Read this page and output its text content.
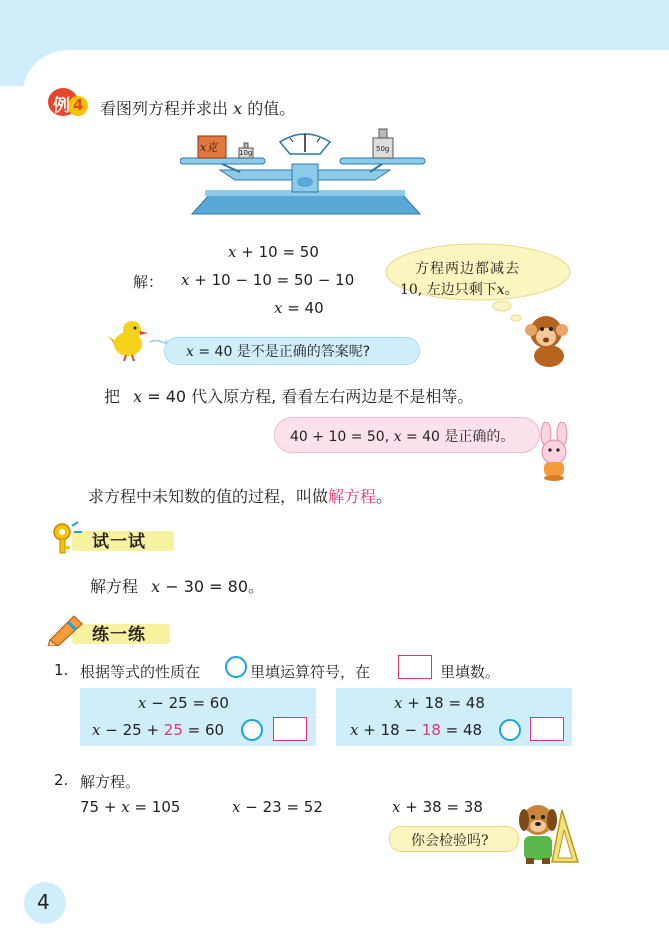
例 4 看图列方程并求出 x 的值。
x克	10g	50g
x + 10 = 50
解： x + 10 − 10 = 50 − 10
x = 40
方程两边都减去
10, 左边只剩下x。
x = 40 是不是正确的答案呢?
把 x = 40 代入原方程, 看看左右两边是不是相等。
40 + 10 = 50, x = 40 是正确的。
求方程中未知数的值的过程，叫做解方程。
试一试
解方程 x − 30 = 80。
练一练
1. 根据等式的性质在	里填运算符号，在	里填数。
x − 25 = 60
x − 25 + 25 = 60
x + 18 = 48
x + 18 − 18 = 48
2. 解方程。
75 + x = 105	x − 23 = 52	x + 38 = 38
你会检验吗?
4
